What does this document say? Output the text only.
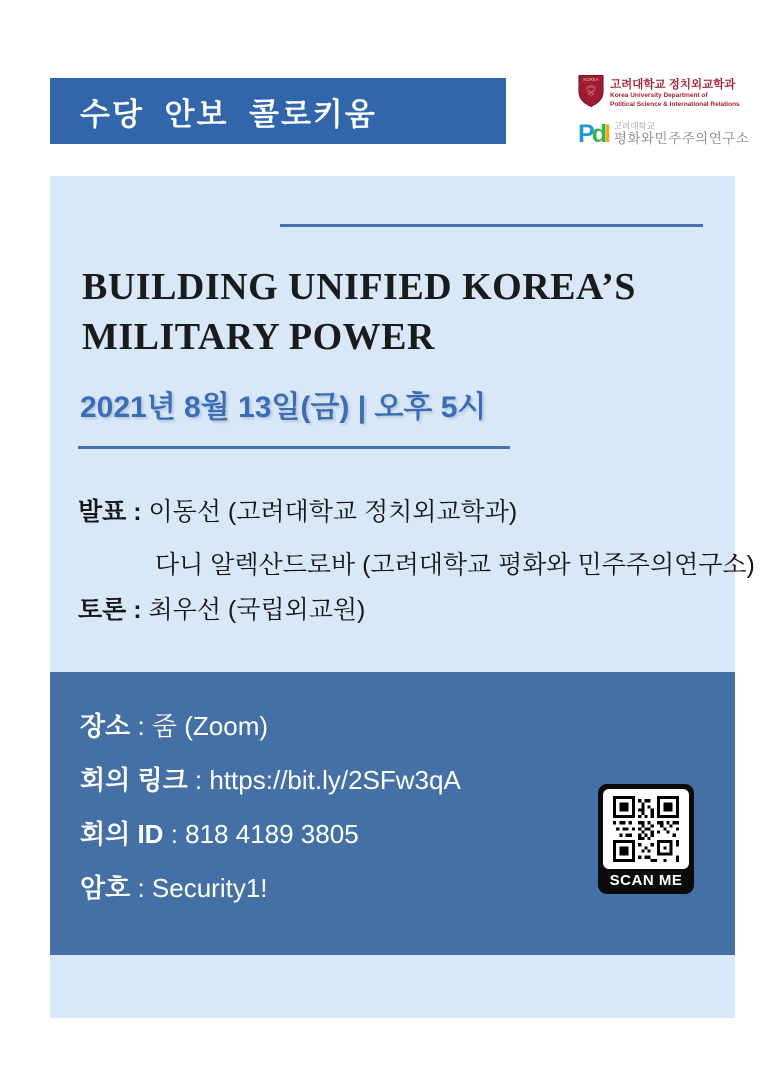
수당 안보 콜로키움
KOREA 고려대학교 정치외교학과
Korea University Department of
Political Science & International Relations
PdI 고려대학교
평화와민주주의연구소
BUILDING UNIFIED KOREA’S
MILITARY POWER
2021년 8월 13일(금) | 오후 5시
발표 : 이동선 (고려대학교 정치외교학과)
다니 알렉산드로바 (고려대학교 평화와 민주주의연구소)
토론 : 최우선 (국립외교원)
장소 : 줌 (Zoom)
회의 링크 : https://bit.ly/2SFw3qA
회의 ID : 818 4189 3805
암호 : Security1!	SCAN ME
